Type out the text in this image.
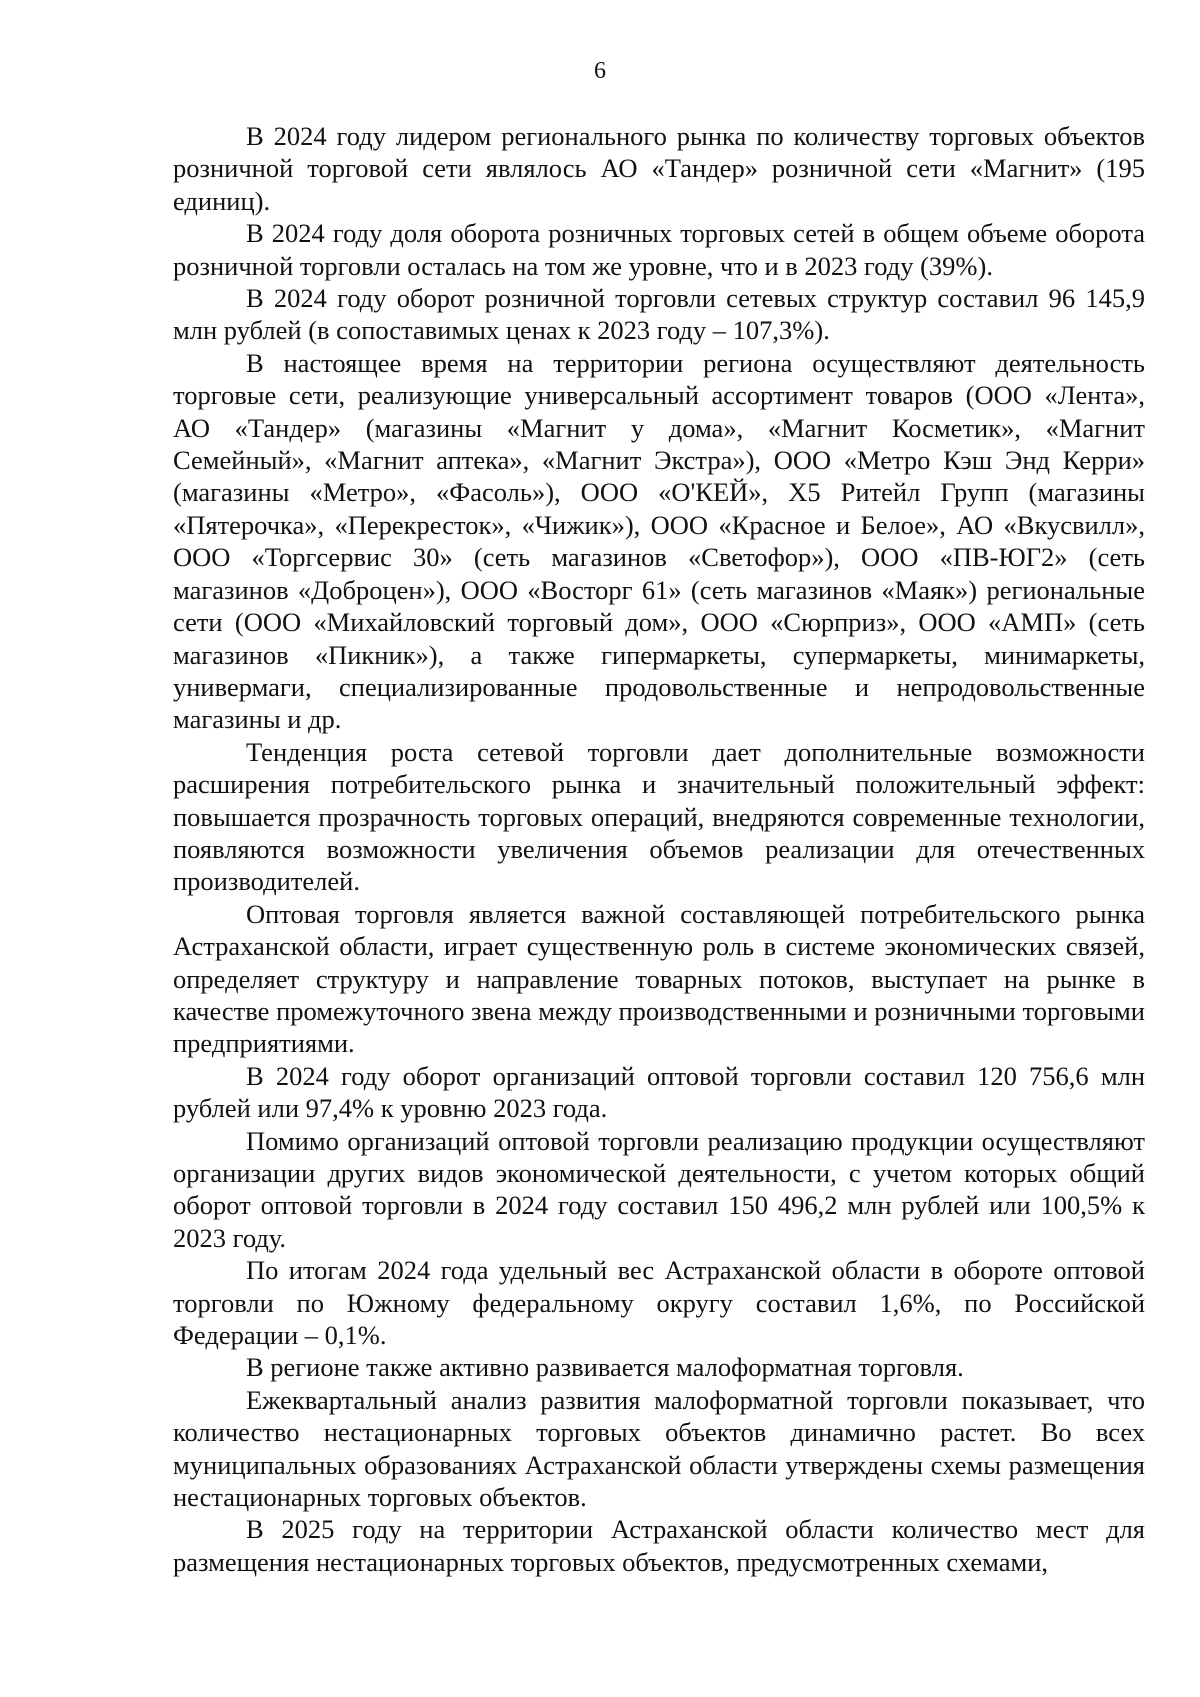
6

В 2024 году лидером регионального рынка по количеству торговых объектов розничной торговой сети являлось АО «Тандер» розничной сети «Магнит» (195 единиц).

В 2024 году доля оборота розничных торговых сетей в общем объеме оборота розничной торговли осталась на том же уровне, что и в 2023 году (39%).

В 2024 году оборот розничной торговли сетевых структур составил 96 145,9 млн рублей (в сопоставимых ценах к 2023 году – 107,3%).

В настоящее время на территории региона осуществляют деятельность торговые сети, реализующие универсальный ассортимент товаров (ООО «Лента», АО «Тандер» (магазины «Магнит у дома», «Магнит Косметик», «Магнит Семейный», «Магнит аптека», «Магнит Экстра»), ООО «Метро Кэш Энд Керри» (магазины «Метро», «Фасоль»), ООО «О'КЕЙ», Х5 Ритейл Групп (магазины «Пятерочка», «Перекресток», «Чижик»), ООО «Красное и Белое», АО «Вкусвилл», ООО «Торгсервис 30» (сеть магазинов «Светофор»), ООО «ПВ-ЮГ2» (сеть магазинов «Доброцен»), ООО «Восторг 61» (сеть магазинов «Маяк») региональные сети (ООО «Михайловский торговый дом», ООО «Сюрприз», ООО «АМП» (сеть магазинов «Пикник»), а также гипермаркеты, супермаркеты, минимаркеты, универмаги, специализированные продовольственные и непродовольственные магазины и др.

Тенденция роста сетевой торговли дает дополнительные возможности расширения потребительского рынка и значительный положительный эффект: повышается прозрачность торговых операций, внедряются современные технологии, появляются возможности увеличения объемов реализации для отечественных производителей.

Оптовая торговля является важной составляющей потребительского рынка Астраханской области, играет существенную роль в системе экономических связей, определяет структуру и направление товарных потоков, выступает на рынке в качестве промежуточного звена между производственными и розничными торговыми предприятиями.

В 2024 году оборот организаций оптовой торговли составил 120 756,6 млн рублей или 97,4% к уровню 2023 года.

Помимо организаций оптовой торговли реализацию продукции осуществляют организации других видов экономической деятельности, с учетом которых общий оборот оптовой торговли в 2024 году составил 150 496,2 млн рублей или 100,5% к 2023 году.

По итогам 2024 года удельный вес Астраханской области в обороте оптовой торговли по Южному федеральному округу составил 1,6%, по Российской Федерации – 0,1%.

В регионе также активно развивается малоформатная торговля.

Ежеквартальный анализ развития малоформатной торговли показывает, что количество нестационарных торговых объектов динамично растет. Во всех муниципальных образованиях Астраханской области утверждены схемы размещения нестационарных торговых объектов.

В 2025 году на территории Астраханской области количество мест для размещения нестационарных торговых объектов, предусмотренных схемами,
